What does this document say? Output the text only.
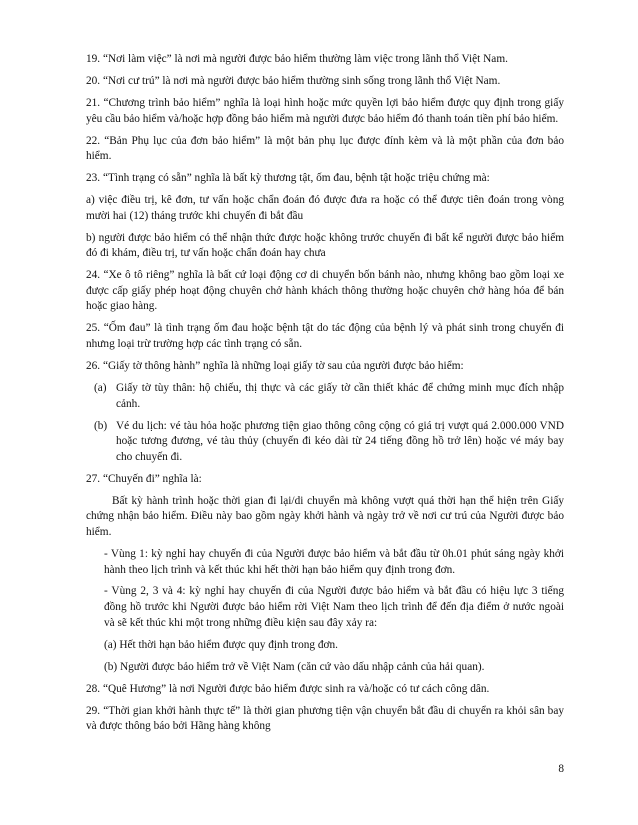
19. “Nơi làm việc” là nơi mà người được bảo hiểm thường làm việc trong lãnh thổ Việt Nam.

20. “Nơi cư trú” là nơi mà người được bảo hiểm thường sinh sống trong lãnh thổ Việt Nam.

21. “Chương trình bảo hiểm” nghĩa là loại hình hoặc mức quyền lợi bảo hiểm được quy định trong giấy yêu cầu bảo hiểm và/hoặc hợp đồng bảo hiểm mà người được bảo hiểm đó thanh toán tiền phí bảo hiểm.

22. “Bản Phụ lục của đơn bảo hiểm” là một bản phụ lục được đính kèm và là một phần của đơn bảo hiểm.

23. “Tình trạng có sẵn” nghĩa là bất kỳ thương tật, ốm đau, bệnh tật hoặc triệu chứng mà:

a) việc điều trị, kê đơn, tư vấn hoặc chẩn đoán đó được đưa ra hoặc có thể được tiên đoán trong vòng mười hai (12) tháng trước khi chuyến đi bắt đầu

b) người được bảo hiểm có thể nhận thức được hoặc không trước chuyến đi bất kể người được bảo hiểm đó đi khám, điều trị, tư vấn hoặc chẩn đoán hay chưa

24. “Xe ô tô riêng” nghĩa là bất cứ loại động cơ di chuyển bốn bánh nào, nhưng không bao gồm loại xe được cấp giấy phép hoạt động chuyên chở hành khách thông thường hoặc chuyên chở hàng hóa để bán hoặc giao hàng.

25. “Ốm đau” là tình trạng ốm đau hoặc bệnh tật do tác động của bệnh lý và phát sinh trong chuyến đi nhưng loại trừ trường hợp các tình trạng có sẵn.

26. “Giấy tờ thông hành” nghĩa là những loại giấy tờ sau của người được bảo hiểm:

(a) Giấy tờ tùy thân: hộ chiếu, thị thực và các giấy tờ cần thiết khác để chứng minh mục đích nhập cảnh.
(b) Vé du lịch: vé tàu hỏa hoặc phương tiện giao thông công cộng có giá trị vượt quá 2.000.000 VND hoặc tương đương, vé tàu thủy (chuyến đi kéo dài từ 24 tiếng đồng hồ trở lên) hoặc vé máy bay cho chuyến đi.

27. “Chuyến đi” nghĩa là:

Bất kỳ hành trình hoặc thời gian đi lại/di chuyển mà không vượt quá thời hạn thể hiện trên Giấy chứng nhận bảo hiểm. Điều này bao gồm ngày khởi hành và ngày trở về nơi cư trú của Người được bảo hiểm.

- Vùng 1: kỳ nghỉ hay chuyến đi của Người được bảo hiểm và bắt đầu từ 0h.01 phút sáng ngày khởi hành theo lịch trình và kết thúc khi hết thời hạn bảo hiểm quy định trong đơn.

- Vùng 2, 3 và 4: kỳ nghỉ hay chuyến đi của Người được bảo hiểm và bắt đầu có hiệu lực 3 tiếng đồng hồ trước khi Người được bảo hiểm rời Việt Nam theo lịch trình để đến địa điểm ở nước ngoài và sẽ kết thúc khi một trong những điều kiện sau đây xảy ra:

(a) Hết thời hạn bảo hiểm được quy định trong đơn.

(b) Người được bảo hiểm trở về Việt Nam (căn cứ vào dấu nhập cảnh của hải quan).

28. “Quê Hương” là nơi Người được bảo hiểm được sinh ra và/hoặc có tư cách công dân.

29. “Thời gian khởi hành thực tế” là thời gian phương tiện vận chuyển bắt đầu di chuyển ra khỏi sân bay và được thông báo bởi Hãng hàng không

8
